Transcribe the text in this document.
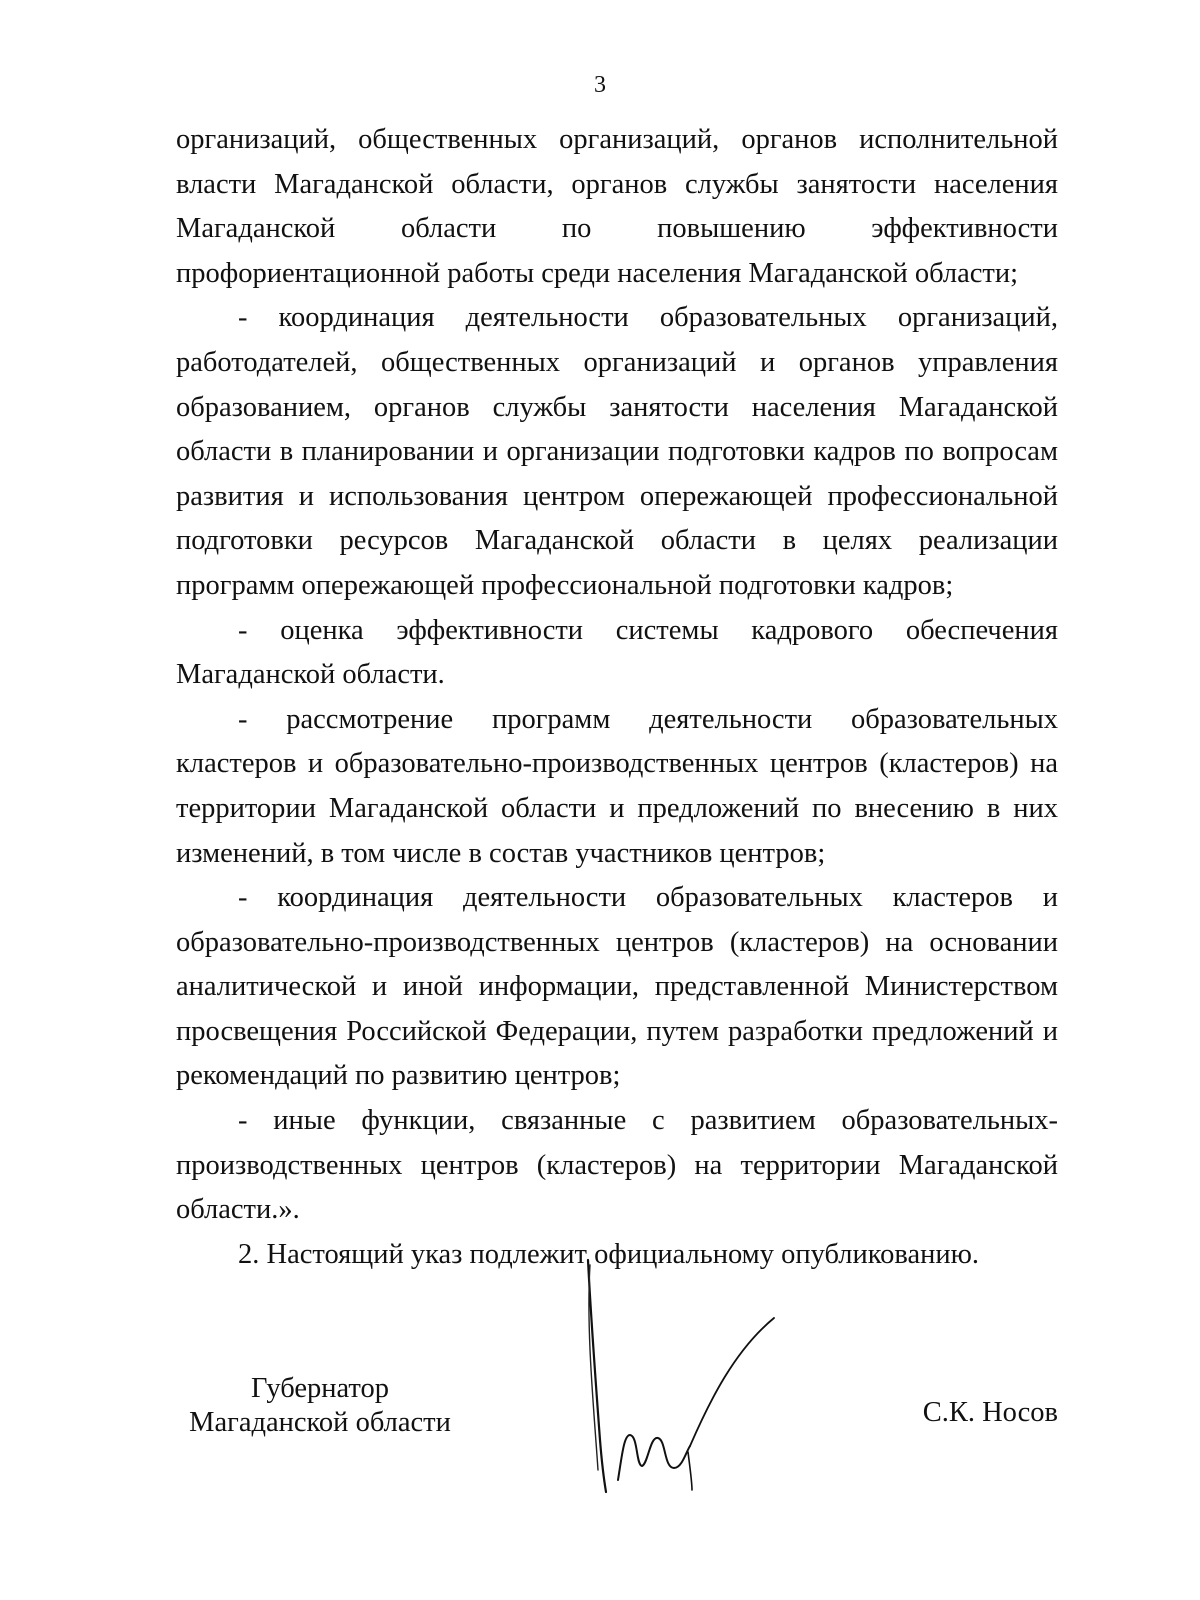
3

организаций, общественных организаций, органов исполнительной власти Магаданской области, органов службы занятости населения Магаданской области по повышению эффективности профориентационной работы среди населения Магаданской области;

- координация деятельности образовательных организаций, работодателей, общественных организаций и органов управления образованием, органов службы занятости населения Магаданской области в планировании и организации подготовки кадров по вопросам развития и использования центром опережающей профессиональной подготовки ресурсов Магаданской области в целях реализации программ опережающей профессиональной подготовки кадров;

- оценка эффективности системы кадрового обеспечения Магаданской области.

- рассмотрение программ деятельности образовательных кластеров и образовательно-производственных центров (кластеров) на территории Магаданской области и предложений по внесению в них изменений, в том числе в состав участников центров;

- координация деятельности образовательных кластеров и образовательно-производственных центров (кластеров) на основании аналитической и иной информации, представленной Министерством просвещения Российской Федерации, путем разработки предложений и рекомендаций по развитию центров;

- иные функции, связанные с развитием образовательных-производственных центров (кластеров) на территории Магаданской области.».

2. Настоящий указ подлежит официальному опубликованию.

Губернатор
Магаданской области	С.К. Носов
